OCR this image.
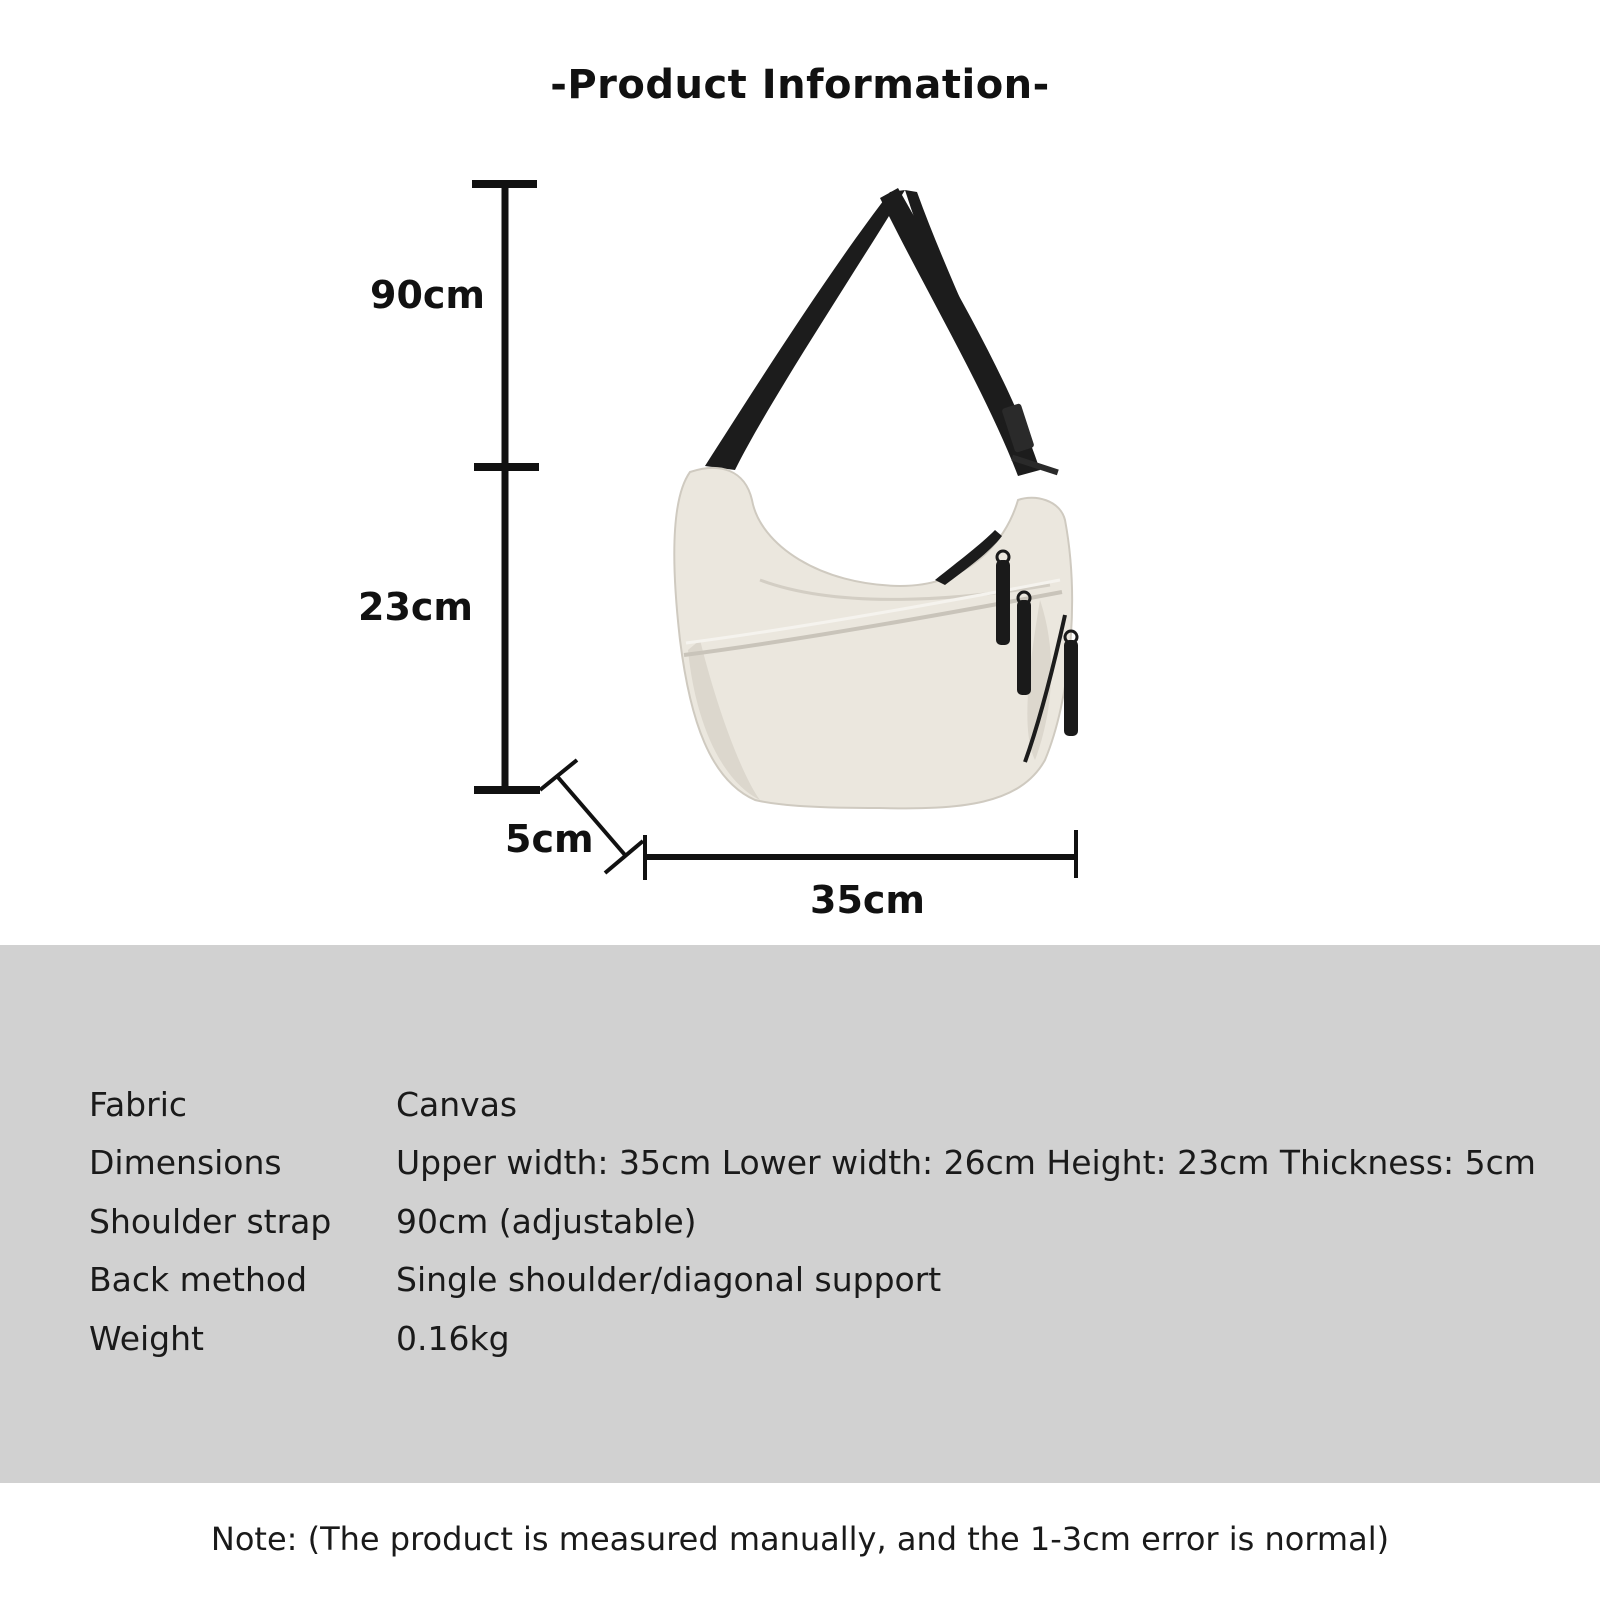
-Product Information-
90cm
23cm
5cm
35cm
Fabric	Canvas
Dimensions	Upper width: 35cm Lower width: 26cm Height: 23cm Thickness: 5cm
Shoulder strap	90cm (adjustable)
Back method	Single shoulder/diagonal support
Weight	0.16kg
Note: (The product is measured manually, and the 1-3cm error is normal)
